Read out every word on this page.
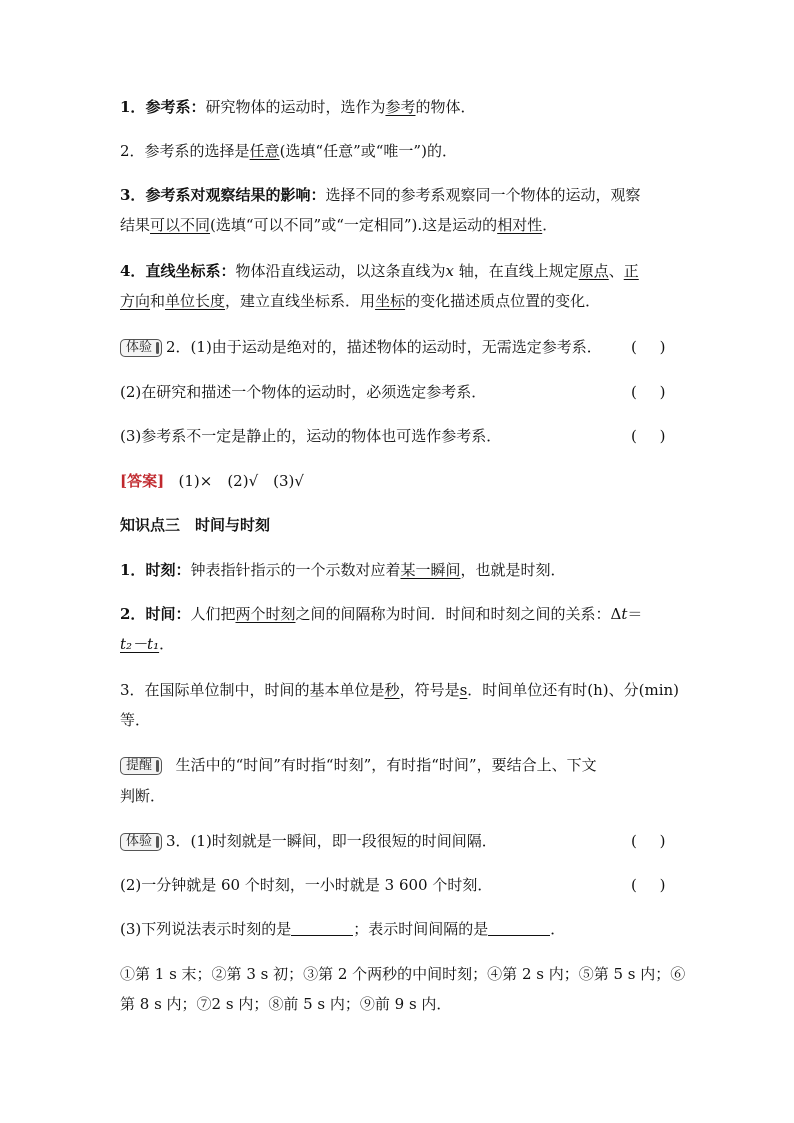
1．参考系：研究物体的运动时，选作为参考的物体．
2．参考系的选择是任意(选填“任意”或“唯一”)的．
3．参考系对观察结果的影响：选择不同的参考系观察同一个物体的运动，观察
结果可以不同(选填“可以不同”或“一定相同”).这是运动的相对性．
4．直线坐标系：物体沿直线运动，以这条直线为x 轴，在直线上规定原点、正
方向和单位长度，建立直线坐标系．用坐标的变化描述质点位置的变化．
体验 2．(1)由于运动是绝对的，描述物体的运动时，无需选定参考系． ( )
(2)在研究和描述一个物体的运动时，必须选定参考系．	( )
(3)参考系不一定是静止的，运动的物体也可选作参考系．	( )
[答案] (1)×　(2)√　(3)√
知识点三　时间与时刻
1．时刻：钟表指针指示的一个示数对应着某一瞬间，也就是时刻．
2．时间：人们把两个时刻之间的间隔称为时间．时间和时刻之间的关系：Δt＝
t₂－t₁．
3．在国际单位制中，时间的基本单位是秒，符号是s．时间单位还有时(h)、分(min)
等．
提醒 生活中的“时间”有时指“时刻”，有时指“时间”，要结合上、下文
判断．
体验 3．(1)时刻就是一瞬间，即一段很短的时间间隔．	( )
(2)一分钟就是 60 个时刻，一小时就是 3 600 个时刻．	( )
(3)下列说法表示时刻的是	；表示时间间隔的是	．
①第 1 s 末；②第 3 s 初；③第 2 个两秒的中间时刻；④第 2 s 内；⑤第 5 s 内；⑥
第 8 s 内；⑦2 s 内；⑧前 5 s 内；⑨前 9 s 内．
